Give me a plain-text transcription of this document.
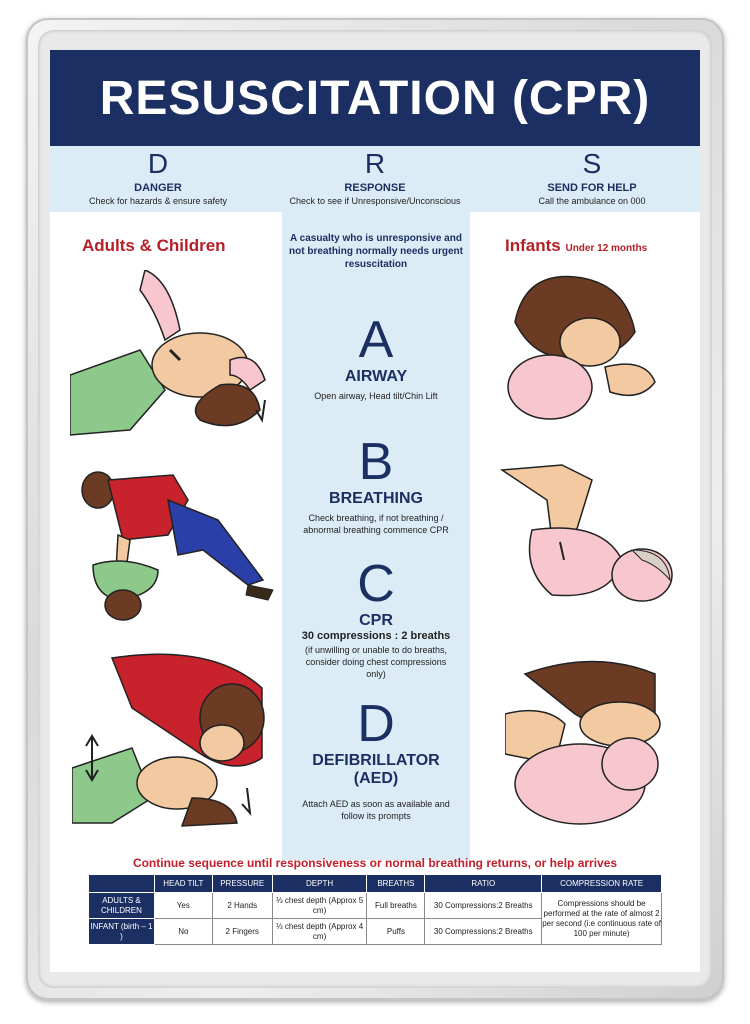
RESUSCITATION (CPR)
D
DANGER
Check for hazards & ensure safety
R
RESPONSE
Check to see if Unresponsive/Unconscious
S
SEND FOR HELP
Call the ambulance on 000
Adults & Children	Infants Under 12 months
A casualty who is unresponsive and not breathing normally needs urgent resuscitation
A
AIRWAY
Open airway, Head tilt/Chin Lift
B
BREATHING
Check breathing, if not breathing / abnormal breathing commence CPR
C
CPR
30 compressions : 2 breaths
(if unwilling or unable to do breaths, consider doing chest compressions only)
D
DEFIBRILLATOR (AED)
Attach AED as soon as available and follow its prompts
Continue sequence until responsiveness or normal breathing returns, or help arrives
	HEAD TILT	PRESSURE	DEPTH	BREATHS	RATIO	COMPRESSION RATE
ADULTS & CHILDREN	Yes	2 Hands	⅓ chest depth (Approx 5 cm)	Full breaths	30 Compressions:2 Breaths	Compressions should be performed at the rate of almost 2 per second (i.e continuous rate of 100 per minute)
INFANT (birth – 1 )	No	2 Fingers	⅓ chest depth (Approx 4 cm)	Puffs	30 Compressions:2 Breaths	
